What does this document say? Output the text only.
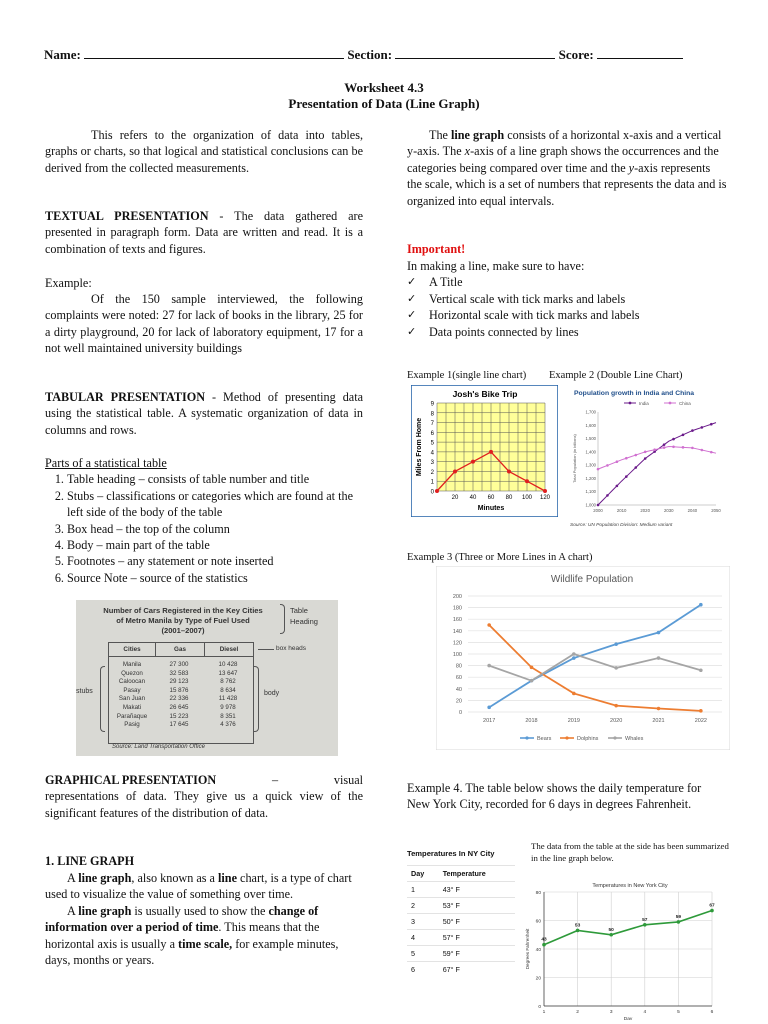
Name:	Section:	Score:
Worksheet 4.3
Presentation of Data (Line Graph)
This refers to the organization of data into tables, graphs or charts, so that logical and statistical conclusions can be derived from the collected measurements.
TEXTUAL PRESENTATION - The data gathered are presented in paragraph form. Data are written and read. It is a combination of texts and figures.
Example:
Of the 150 sample interviewed, the following complaints were noted: 27 for lack of books in the library, 25 for a dirty playground, 20 for lack of laboratory equipment, 17 for a not well maintained university buildings
TABULAR PRESENTATION - Method of presenting data using the statistical table. A systematic organization of data in columns and rows.
Parts of a statistical table
1. Table heading – consists of table number and title
2. Stubs – classifications or categories which are found at the left side of the body of the table
3. Box head – the top of the column
4. Body – main part of the table
5. Footnotes – any statement or note inserted
6. Source Note – source of the statistics
Number of Cars Registered in the Key Cities
of Metro Manila by Type of Fuel Used
(2001–2007)
Table
Heading
box heads
stubs	body
Cities	Gas	Diesel
Manila	27 300	10 428
Quezon	32 583	13 647
Caloocan	29 123	8 762
Pasay	15 876	8 634
San Juan	22 336	11 428
Makati	26 645	9 978
Parañaque	15 223	8 351
Pasig	17 645	4 376
Source: Land Transportation Office
GRAPHICAL PRESENTATION	–	visual
representations of data. They give us a quick view of the significant features of the distribution of data.
1. LINE GRAPH
A line graph, also known as a line chart, is a type of chart used to visualize the value of something over time.
A line graph is usually used to show the change of information over a period of time. This means that the horizontal axis is usually a time scale, for example minutes, days, months or years.
The line graph consists of a horizontal x-axis and a vertical y-axis. The x-axis of a line graph shows the occurrences and the categories being compared over time and the y-axis represents the scale, which is a set of numbers that represents the data and is organized into equal intervals.
Important!
In making a line, make sure to have:
✓ A Title
✓ Vertical scale with tick marks and labels
✓ Horizontal scale with tick marks and labels
✓ Data points connected by lines
Example 1(single line chart) Example 2 (Double Line Chart)
Josh's Bike Trip
0
1
2
3
4
5
6
7
8
9
20 40 60 80 100 120
Minutes
Miles From Home
Population growth in India and China
India	China
1,000
1,100
1,200
1,300
1,400
1,500
1,600
1,700
2000	2010	2020	2030	2040	2050
Total Population (in billions)
Source: UN Population Division: Medium variant
Example 3 (Three or More Lines in A chart)
Wildlife Population
0
20
40
60
80
100
120
140
160
180
200
2017	2018	2019	2020	2021	2022
Bears	Dolphins	Whales
Example 4. The table below shows the daily temperature for New York City, recorded for 6 days in degrees Fahrenheit.
Temperatures In NY City
Day	Temperature
1	43° F
2	53° F
3	50° F
4	57° F
5	59° F
6	67° F
The data from the table at the side has been summarized in the line graph below.
Temperatures in New York City
0
20
40
60
80
1	2	3	4	5	6
Day
Degrees Fahrenheit 43
53
50
57
59
67
